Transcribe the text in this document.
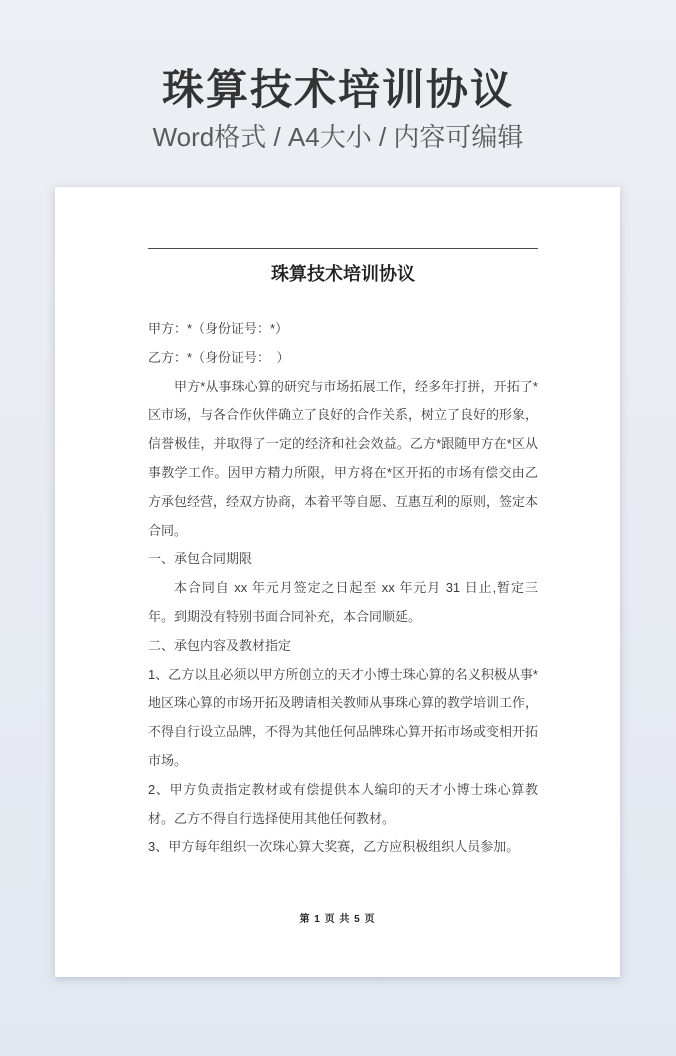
珠算技术培训协议

Word格式 / A4大小 / 内容可编辑

珠算技术培训协议

甲方：*（身份证号：*）

乙方：*（身份证号：　）

甲方*从事珠心算的研究与市场拓展工作，经多年打拼，开拓了*区市场，与各合作伙伴确立了良好的合作关系，树立了良好的形象，信誉极佳，并取得了一定的经济和社会效益。乙方*跟随甲方在*区从事教学工作。因甲方精力所限，甲方将在*区开拓的市场有偿交由乙方承包经营，经双方协商，本着平等自愿、互惠互利的原则，签定本合同。

一、承包合同期限

本合同自 xx 年元月签定之日起至 xx 年元月 31 日止,暂定三年。到期没有特别书面合同补充，本合同顺延。

二、承包内容及教材指定

1、乙方以且必须以甲方所创立的天才小博士珠心算的名义积极从事*地区珠心算的市场开拓及聘请相关教师从事珠心算的教学培训工作，不得自行设立品牌，不得为其他任何品牌珠心算开拓市场或变相开拓市场。

2、甲方负责指定教材或有偿提供本人编印的天才小博士珠心算教材。乙方不得自行选择使用其他任何教材。

3、甲方每年组织一次珠心算大奖赛，乙方应积极组织人员参加。

第 1 页 共 5 页
